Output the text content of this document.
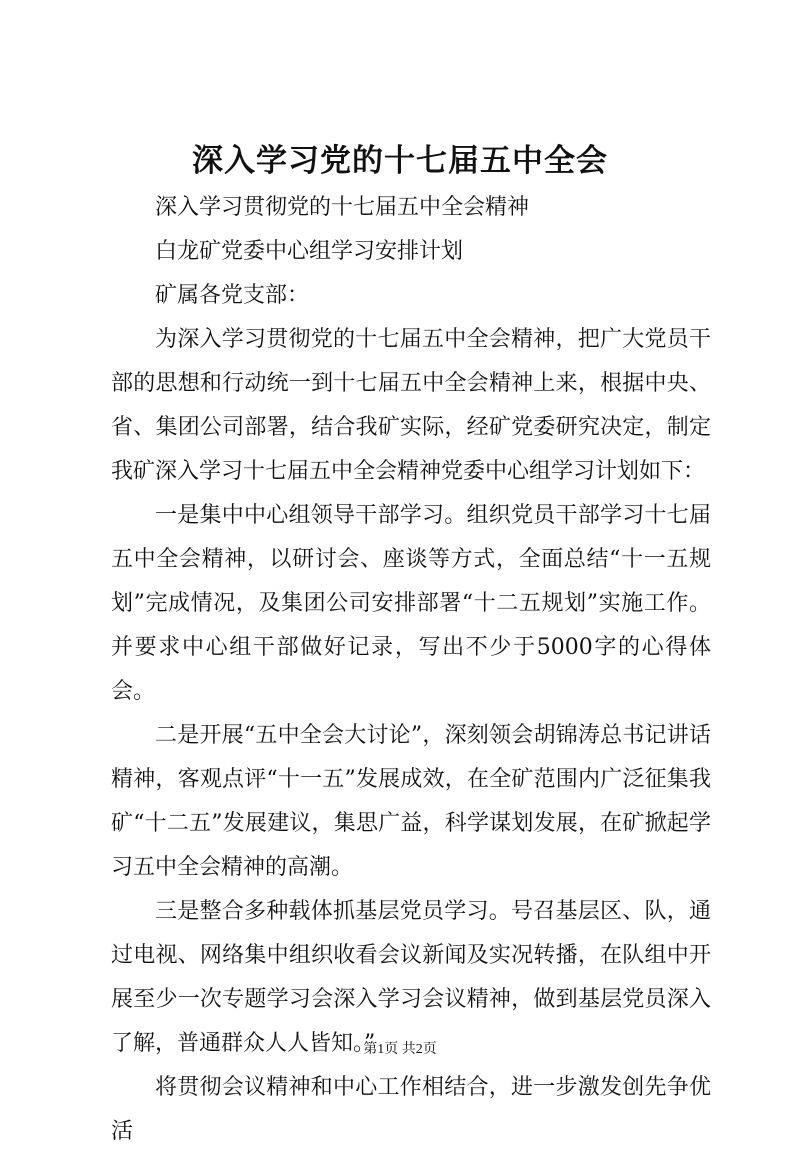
深入学习党的十七届五中全会

深入学习贯彻党的十七届五中全会精神

白龙矿党委中心组学习安排计划

矿属各党支部：

为深入学习贯彻党的十七届五中全会精神，把广大党员干部的思想和行动统一到十七届五中全会精神上来，根据中央、省、集团公司部署，结合我矿实际，经矿党委研究决定，制定我矿深入学习十七届五中全会精神党委中心组学习计划如下：

一是集中中心组领导干部学习。组织党员干部学习十七届五中全会精神，以研讨会、座谈等方式，全面总结“十一五规划”完成情况，及集团公司安排部署“十二五规划”实施工作。并要求中心组干部做好记录，写出不少于5000字的心得体会。

二是开展“五中全会大讨论”，深刻领会胡锦涛总书记讲话精神，客观点评“十一五”发展成效，在全矿范围内广泛征集我矿“十二五”发展建议，集思广益，科学谋划发展，在矿掀起学习五中全会精神的高潮。

三是整合多种载体抓基层党员学习。号召基层区、队，通过电视、网络集中组织收看会议新闻及实况转播，在队组中开展至少一次专题学习会深入学习会议精神，做到基层党员深入了解，普通群众人人皆知。”

将贯彻会议精神和中心工作相结合，进一步激发创先争优活

第1页 共2页
